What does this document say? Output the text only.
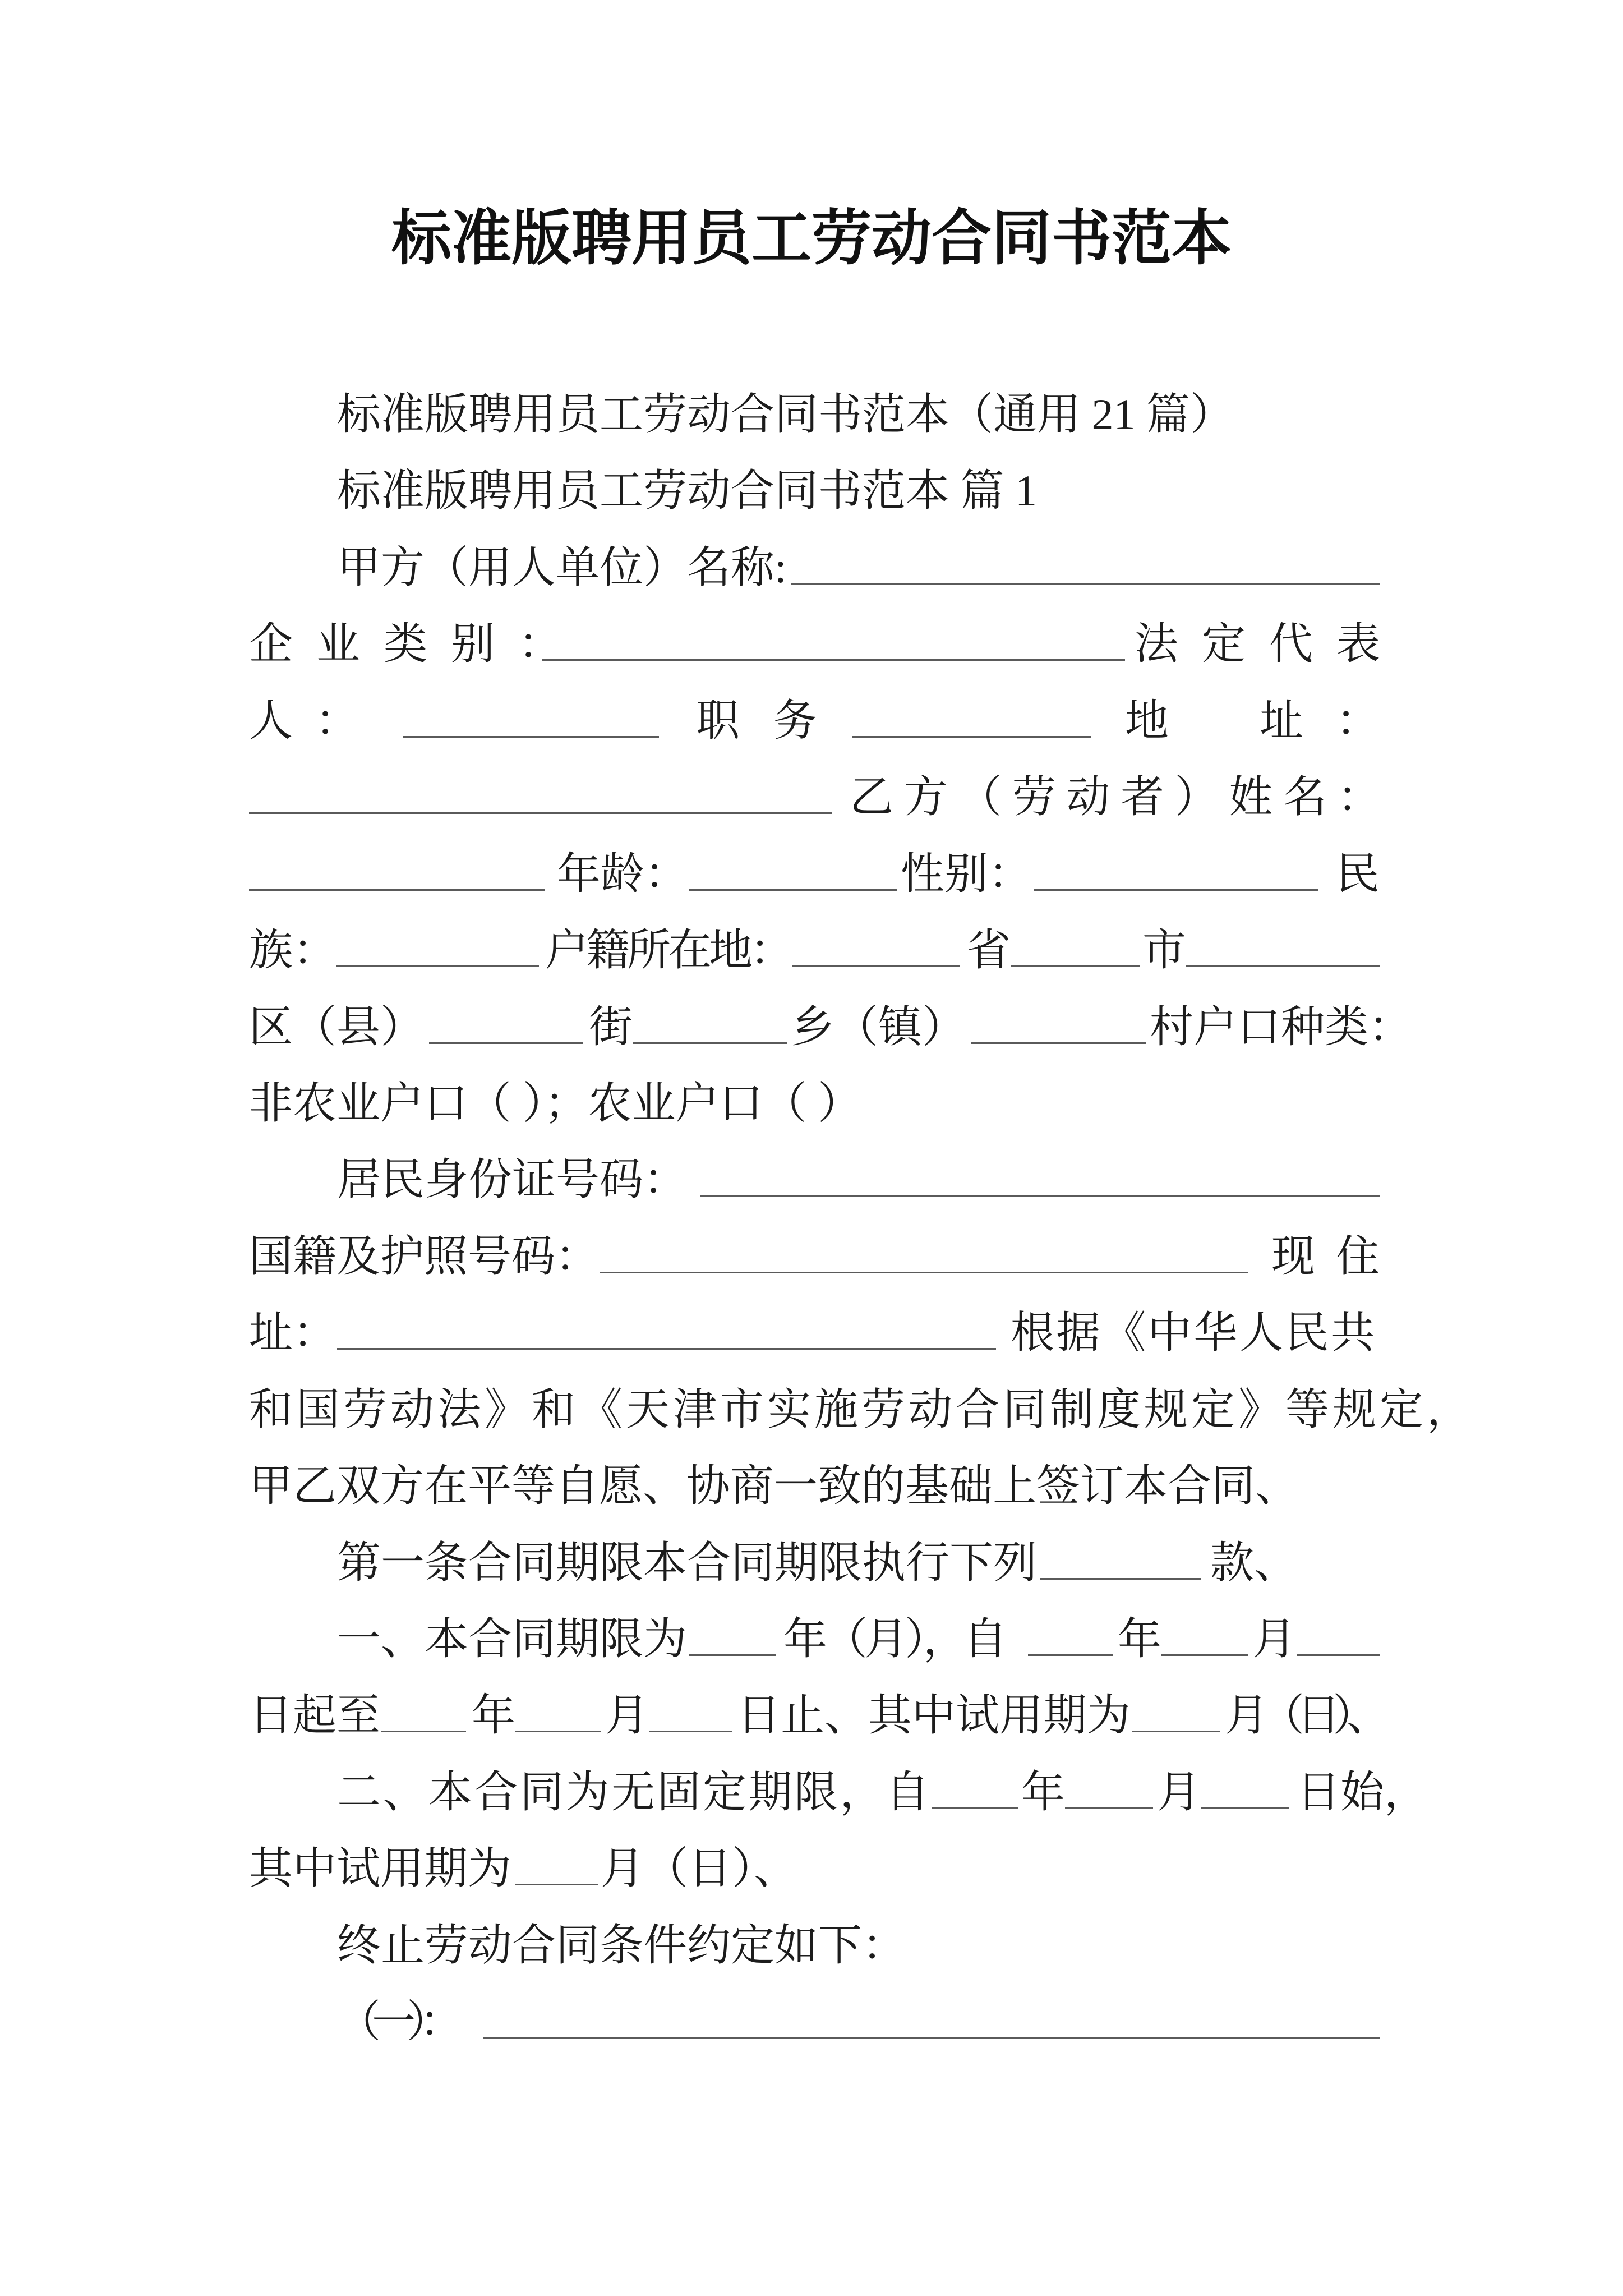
标准版聘用员工劳动合同书范本
标准版聘用员工劳动合同书范本（通用 21 篇）
标准版聘用员工劳动合同书范本 篇 1
甲方（用人单位）名称:
企业类别 ：	法定代表
人：	职务	地 址：
乙方（劳动者）姓名：
年龄：	性别：	民
族：	户籍所在地：	省	市
区（县）	街	乡（镇）	村户口种类：
非农业户口（ ）；农业户口（ ）
居民身份证号码：
国籍及护照号码：	现住
址：	根据《中华人民共
和国劳动法》和《天津市实施劳动合同制度规定》等规定，
甲乙双方在平等自愿、协商一致的基础上签订本合同、
第一条合同期限本合同期限执行下列	款、
一、本合同期限为 年（月），自	年 月
日起至 年 月 日止、其中试用期为 月（日）、
二、本合同为无固定期限，自 年 月 日始，
其中试用期为 月（日）、
终止劳动合同条件约定如下：
（一）：
